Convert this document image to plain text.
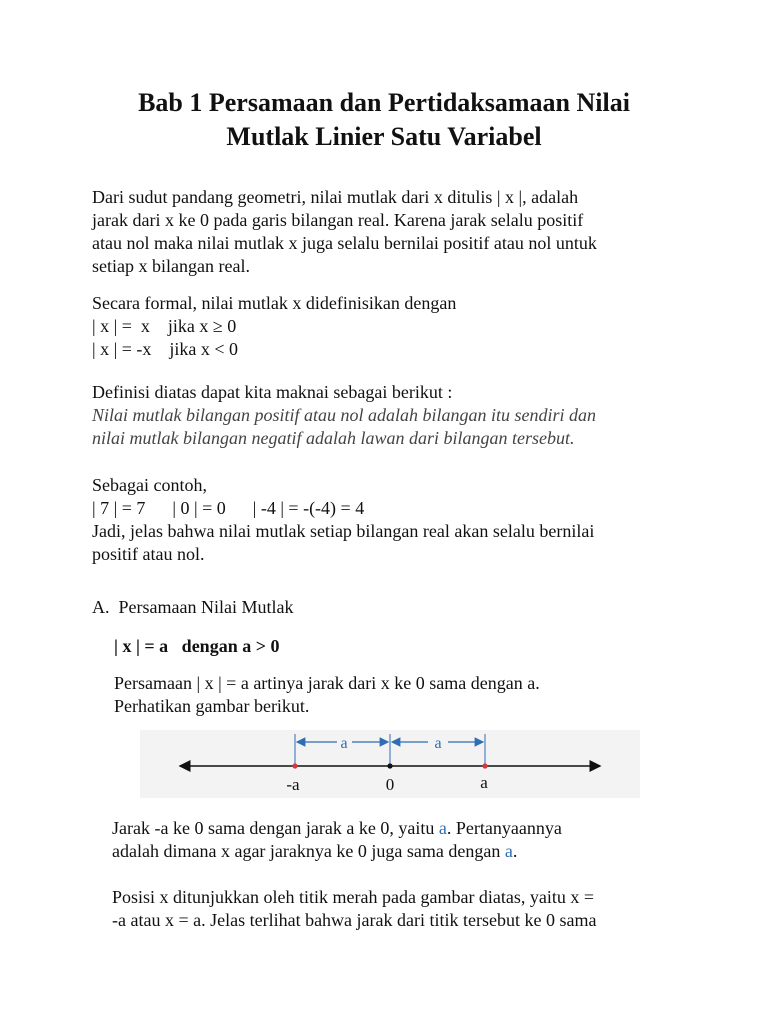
Bab 1 Persamaan dan Pertidaksamaan Nilai
Mutlak Linier Satu Variabel
Dari sudut pandang geometri, nilai mutlak dari x ditulis | x |, adalah
jarak dari x ke 0 pada garis bilangan real. Karena jarak selalu positif
atau nol maka nilai mutlak x juga selalu bernilai positif atau nol untuk
setiap x bilangan real.
Secara formal, nilai mutlak x didefinisikan dengan
| x | =  x    jika x ≥ 0
| x | = -x    jika x < 0
Definisi diatas dapat kita maknai sebagai berikut :
Nilai mutlak bilangan positif atau nol adalah bilangan itu sendiri dan
nilai mutlak bilangan negatif adalah lawan dari bilangan tersebut.
Sebagai contoh,
| 7 | = 7      | 0 | = 0      | -4 | = -(-4) = 4
Jadi, jelas bahwa nilai mutlak setiap bilangan real akan selalu bernilai
positif atau nol.
A.  Persamaan Nilai Mutlak
| x | = a   dengan a > 0
Persamaan | x | = a artinya jarak dari x ke 0 sama dengan a.
Perhatikan gambar berikut.
a	a
-a	0	a
Jarak -a ke 0 sama dengan jarak a ke 0, yaitu a. Pertanyaannya
adalah dimana x agar jaraknya ke 0 juga sama dengan a.
Posisi x ditunjukkan oleh titik merah pada gambar diatas, yaitu x =
-a atau x = a. Jelas terlihat bahwa jarak dari titik tersebut ke 0 sama
